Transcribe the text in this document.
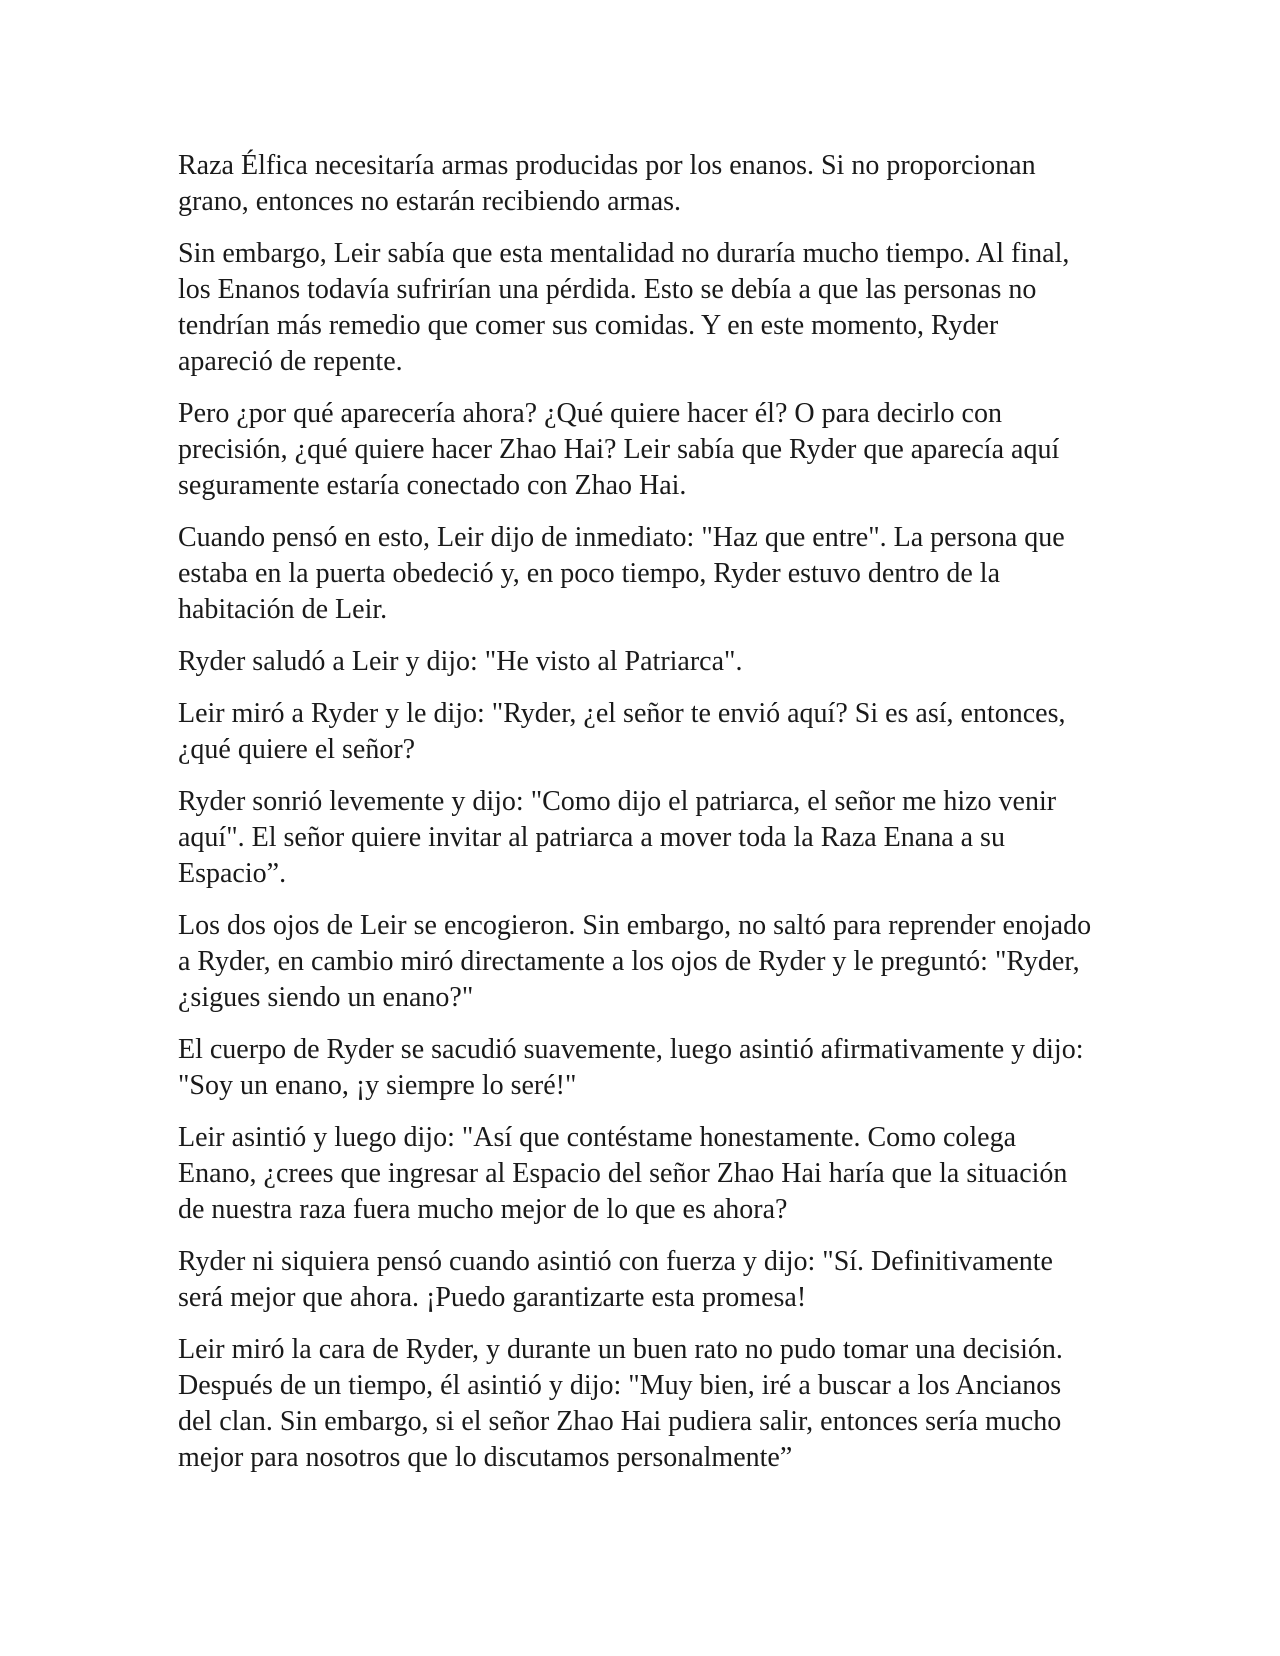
Raza Élfica necesitaría armas producidas por los enanos. Si no proporcionan grano, entonces no estarán recibiendo armas.

Sin embargo, Leir sabía que esta mentalidad no duraría mucho tiempo. Al final, los Enanos todavía sufrirían una pérdida. Esto se debía a que las personas no tendrían más remedio que comer sus comidas. Y en este momento, Ryder apareció de repente.

Pero ¿por qué aparecería ahora? ¿Qué quiere hacer él? O para decirlo con precisión, ¿qué quiere hacer Zhao Hai? Leir sabía que Ryder que aparecía aquí seguramente estaría conectado con Zhao Hai.

Cuando pensó en esto, Leir dijo de inmediato: "Haz que entre". La persona que estaba en la puerta obedeció y, en poco tiempo, Ryder estuvo dentro de la habitación de Leir.

Ryder saludó a Leir y dijo: "He visto al Patriarca".

Leir miró a Ryder y le dijo: "Ryder, ¿el señor te envió aquí? Si es así, entonces, ¿qué quiere el señor?

Ryder sonrió levemente y dijo: "Como dijo el patriarca, el señor me hizo venir aquí". El señor quiere invitar al patriarca a mover toda la Raza Enana a su Espacio”.

Los dos ojos de Leir se encogieron. Sin embargo, no saltó para reprender enojado a Ryder, en cambio miró directamente a los ojos de Ryder y le preguntó: "Ryder, ¿sigues siendo un enano?"

El cuerpo de Ryder se sacudió suavemente, luego asintió afirmativamente y dijo: "Soy un enano, ¡y siempre lo seré!"

Leir asintió y luego dijo: "Así que contéstame honestamente. Como colega Enano, ¿crees que ingresar al Espacio del señor Zhao Hai haría que la situación de nuestra raza fuera mucho mejor de lo que es ahora?

Ryder ni siquiera pensó cuando asintió con fuerza y dijo: "Sí. Definitivamente será mejor que ahora. ¡Puedo garantizarte esta promesa!

Leir miró la cara de Ryder, y durante un buen rato no pudo tomar una decisión. Después de un tiempo, él asintió y dijo: "Muy bien, iré a buscar a los Ancianos del clan. Sin embargo, si el señor Zhao Hai pudiera salir, entonces sería mucho mejor para nosotros que lo discutamos personalmente”
